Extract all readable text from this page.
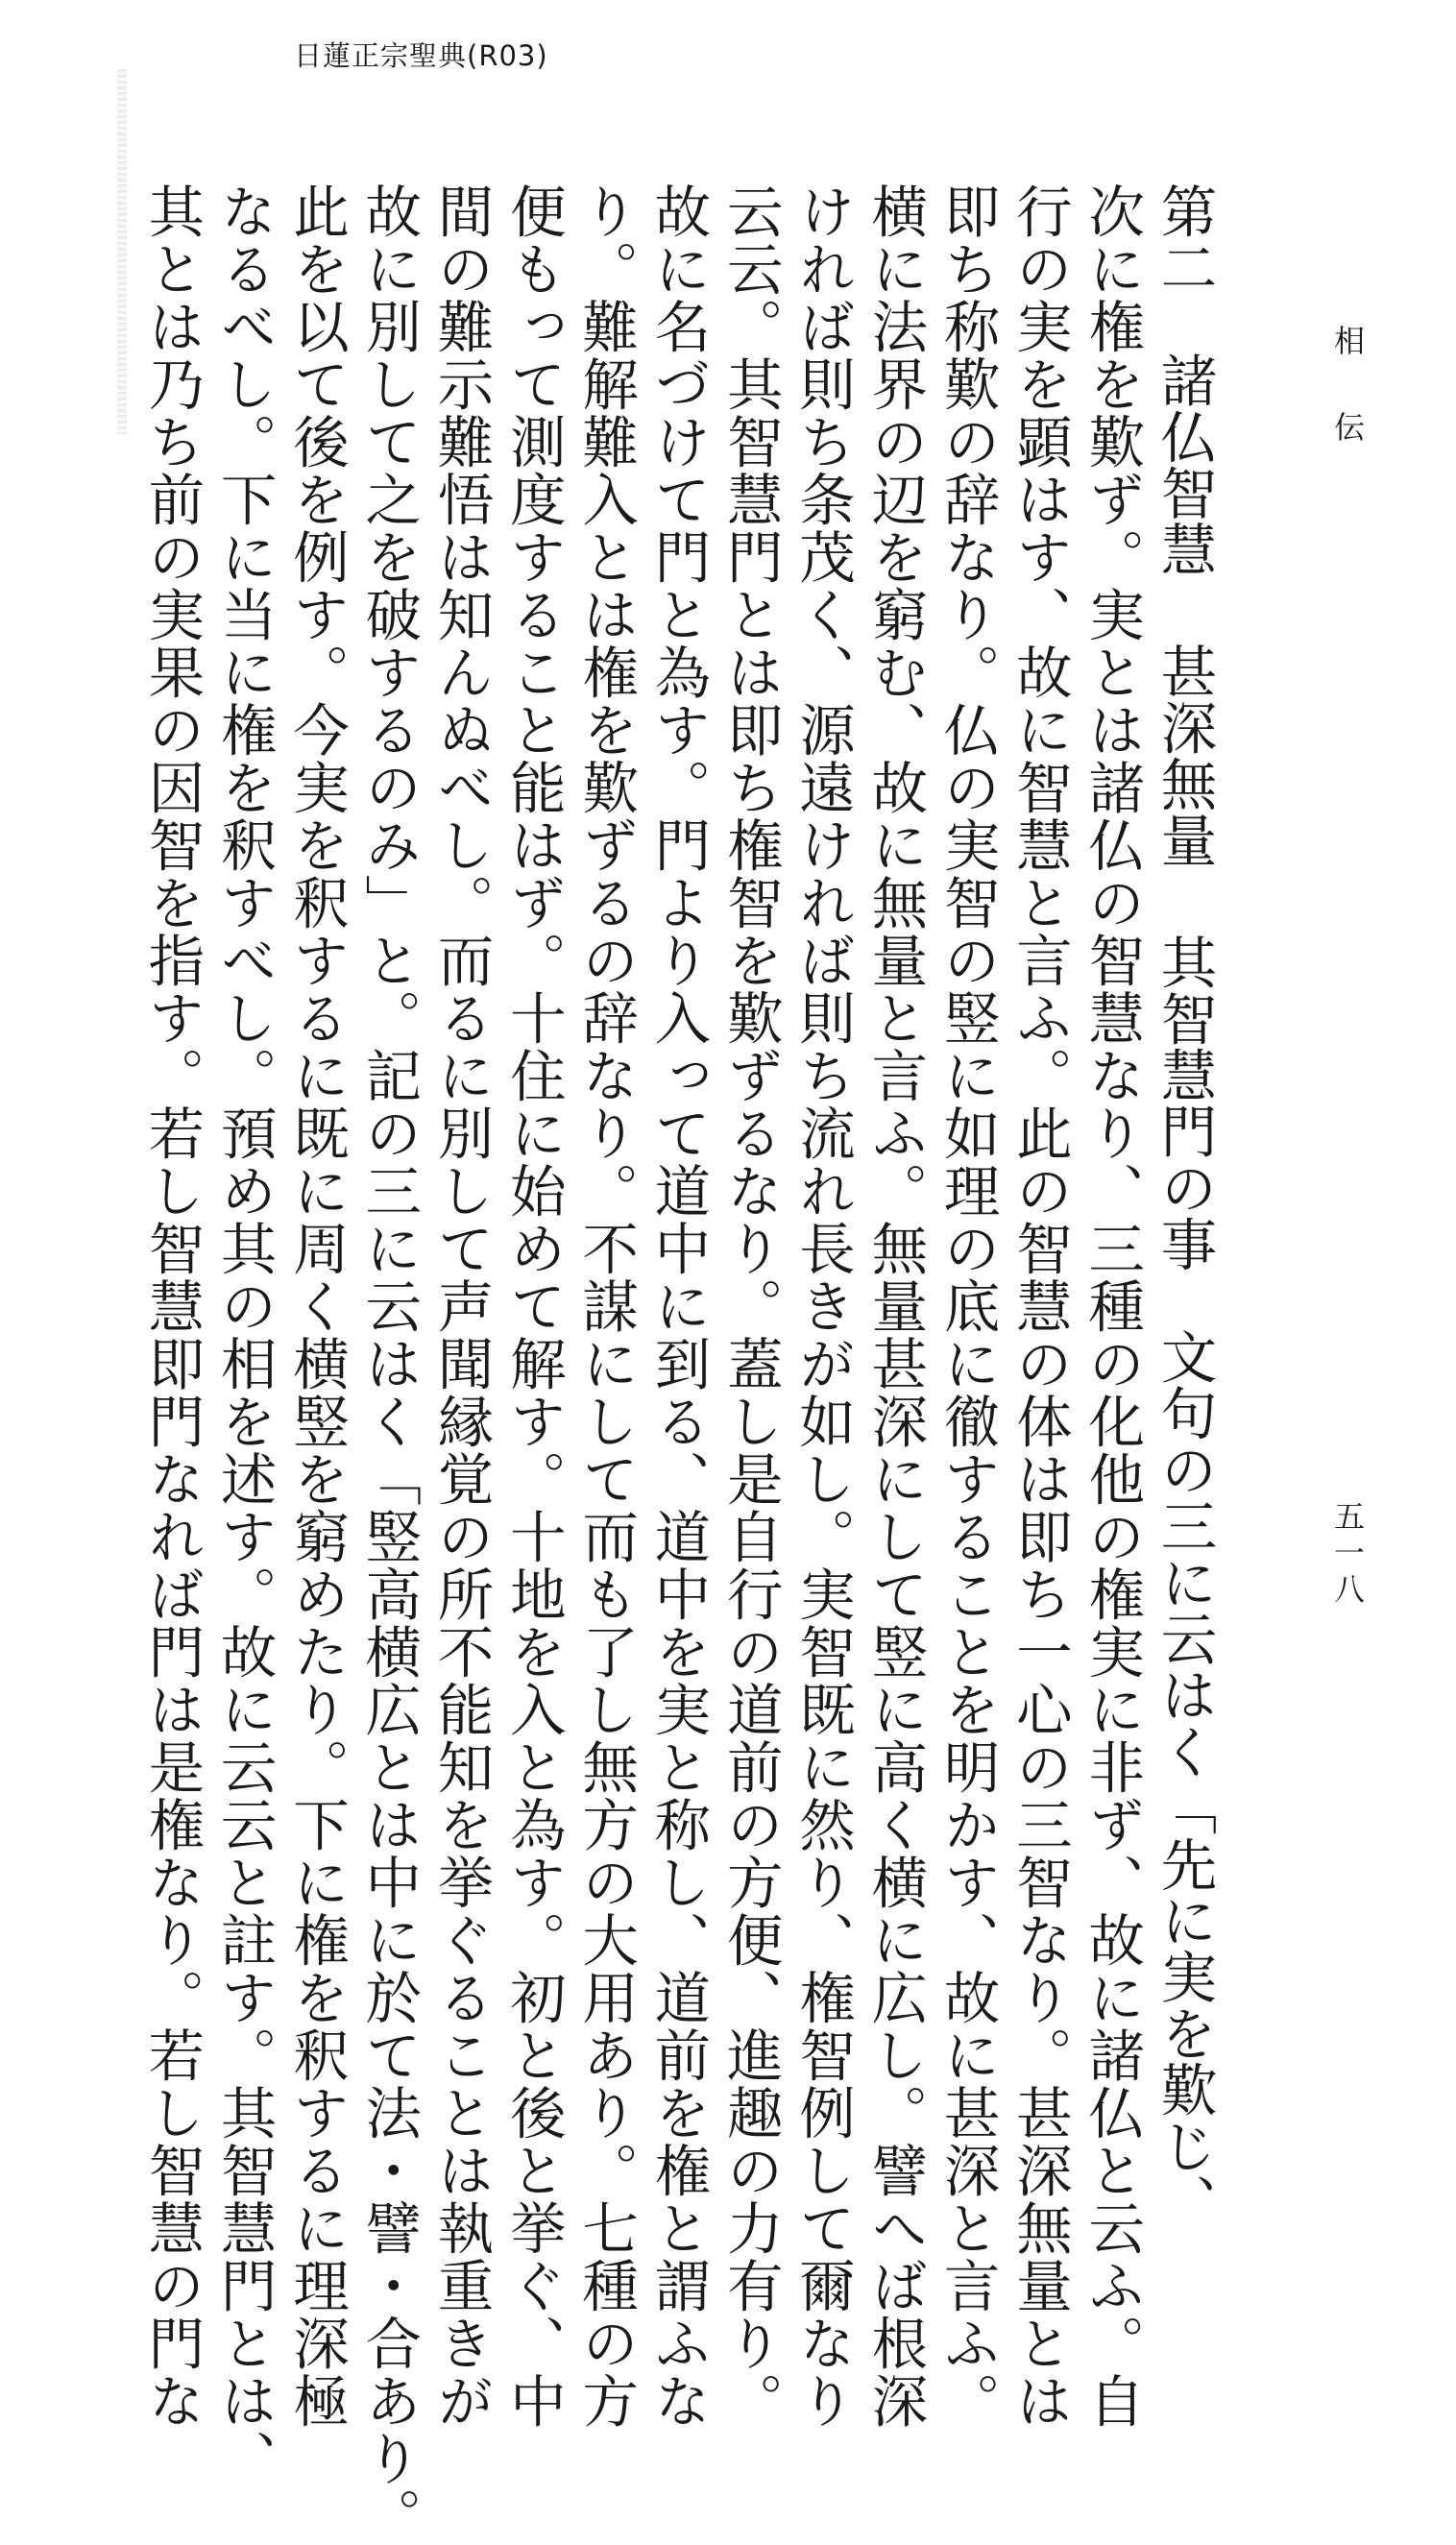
日蓮正宗聖典(R03)
相伝
五一八
第二　諸仏智慧 甚深無量 其智慧門の事　文句の三に云はく「先に実を歎じ、
次に権を歎ず。実とは諸仏の智慧なり、三種の化他の権実に非ず、故に諸仏と云ふ。自
行の実を顕はす、故に智慧と言ふ。此の智慧の体は即ち一心の三智なり。甚深無量とは
即ち称歎の辞なり。仏の実智の竪に如理の底に徹することを明かす、故に甚深と言ふ。
横に法界の辺を窮む、故に無量と言ふ。無量甚深にして竪に高く横に広し。譬へば根深
ければ則ち条茂く、源遠ければ則ち流れ長きが如し。実智既に然り、権智例して爾なり
云云。其智慧門とは即ち権智を歎ずるなり。蓋し是自行の道前の方便、進趣の力有り。
故に名づけて門と為す。門より入って道中に到る、道中を実と称し、道前を権と謂ふな
り。難解難入とは権を歎ずるの辞なり。不謀にして而も了し無方の大用あり。七種の方
便もって測度すること能はず。十住に始めて解す。十地を入と為す。初と後と挙ぐ、中
間の難示難悟は知んぬべし。而るに別して声聞縁覚の所不能知を挙ぐることは執重きが
故に別して之を破するのみ」と。記の三に云はく「竪高横広とは中に於て法・譬・合あり。
此を以て後を例す。今実を釈するに既に周く横竪を窮めたり。下に権を釈するに理深極
なるべし。下に当に権を釈すべし。預め其の相を述す。故に云云と註す。其智慧門とは、
其とは乃ち前の実果の因智を指す。若し智慧即門なれば門は是権なり。若し智慧の門な
